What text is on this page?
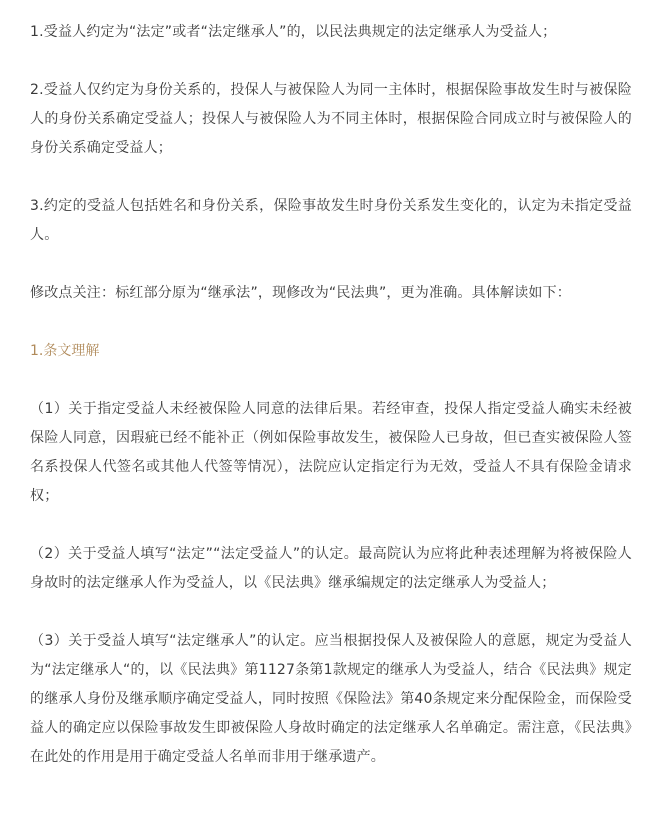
1.受益人约定为“法定”或者“法定继承人”的，以民法典规定的法定继承人为受益人；

2.受益人仅约定为身份关系的，投保人与被保险人为同一主体时，根据保险事故发生时与被保险人的身份关系确定受益人；投保人与被保险人为不同主体时，根据保险合同成立时与被保险人的身份关系确定受益人；

3.约定的受益人包括姓名和身份关系，保险事故发生时身份关系发生变化的，认定为未指定受益人。

修改点关注：标红部分原为“继承法”，现修改为“民法典”，更为准确。具体解读如下：

1.条文理解

（1）关于指定受益人未经被保险人同意的法律后果。若经审查，投保人指定受益人确实未经被保险人同意，因瑕疵已经不能补正（例如保险事故发生，被保险人已身故，但已查实被保险人签名系投保人代签名或其他人代签等情况），法院应认定指定行为无效，受益人不具有保险金请求权；

（2）关于受益人填写“法定”“法定受益人”的认定。最高院认为应将此种表述理解为将被保险人身故时的法定继承人作为受益人，以《民法典》继承编规定的法定继承人为受益人；

（3）关于受益人填写“法定继承人”的认定。应当根据投保人及被保险人的意愿，规定为受益人为“法定继承人“的，以《民法典》第1127条第1款规定的继承人为受益人，结合《民法典》规定的继承人身份及继承顺序确定受益人，同时按照《保险法》第40条规定来分配保险金，而保险受益人的确定应以保险事故发生即被保险人身故时确定的法定继承人名单确定。需注意，《民法典》在此处的作用是用于确定受益人名单而非用于继承遗产。
